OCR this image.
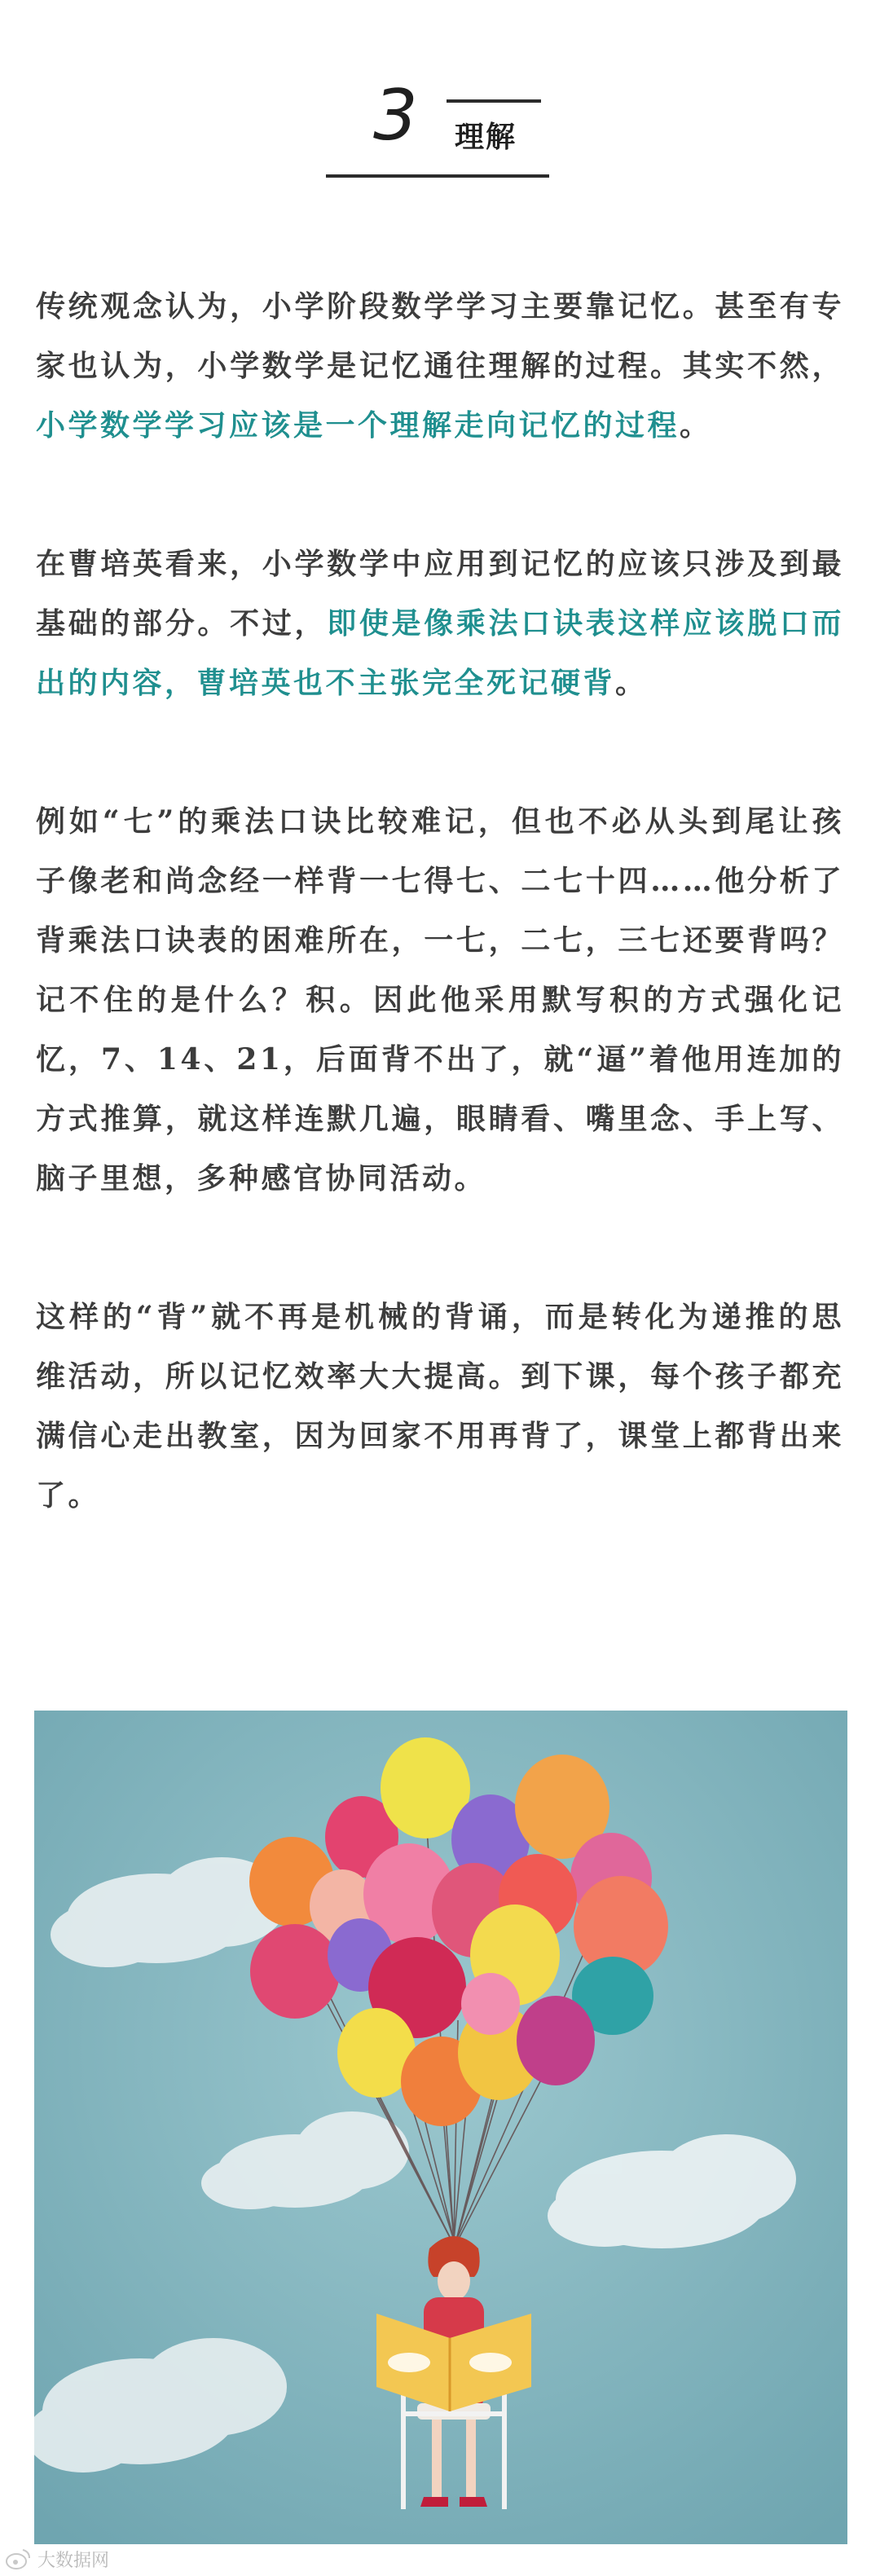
3 理解

传统观念认为，小学阶段数学学习主要靠记忆。甚至有专家也认为，小学数学是记忆通往理解的过程。其实不然，小学数学学习应该是一个理解走向记忆的过程。

在曹培英看来，小学数学中应用到记忆的应该只涉及到最基础的部分。不过，即使是像乘法口诀表这样应该脱口而出的内容，曹培英也不主张完全死记硬背。

例如“七”的乘法口诀比较难记，但也不必从头到尾让孩子像老和尚念经一样背一七得七、二七十四……他分析了背乘法口诀表的困难所在，一七，二七，三七还要背吗？记不住的是什么？积。因此他采用默写积的方式强化记忆，7、14、21，后面背不出了，就“逼”着他用连加的方式推算，就这样连默几遍，眼睛看、嘴里念、手上写、脑子里想，多种感官协同活动。

这样的“背”就不再是机械的背诵，而是转化为递推的思维活动，所以记忆效率大大提高。到下课，每个孩子都充满信心走出教室，因为回家不用再背了，课堂上都背出来了。

大数据网
